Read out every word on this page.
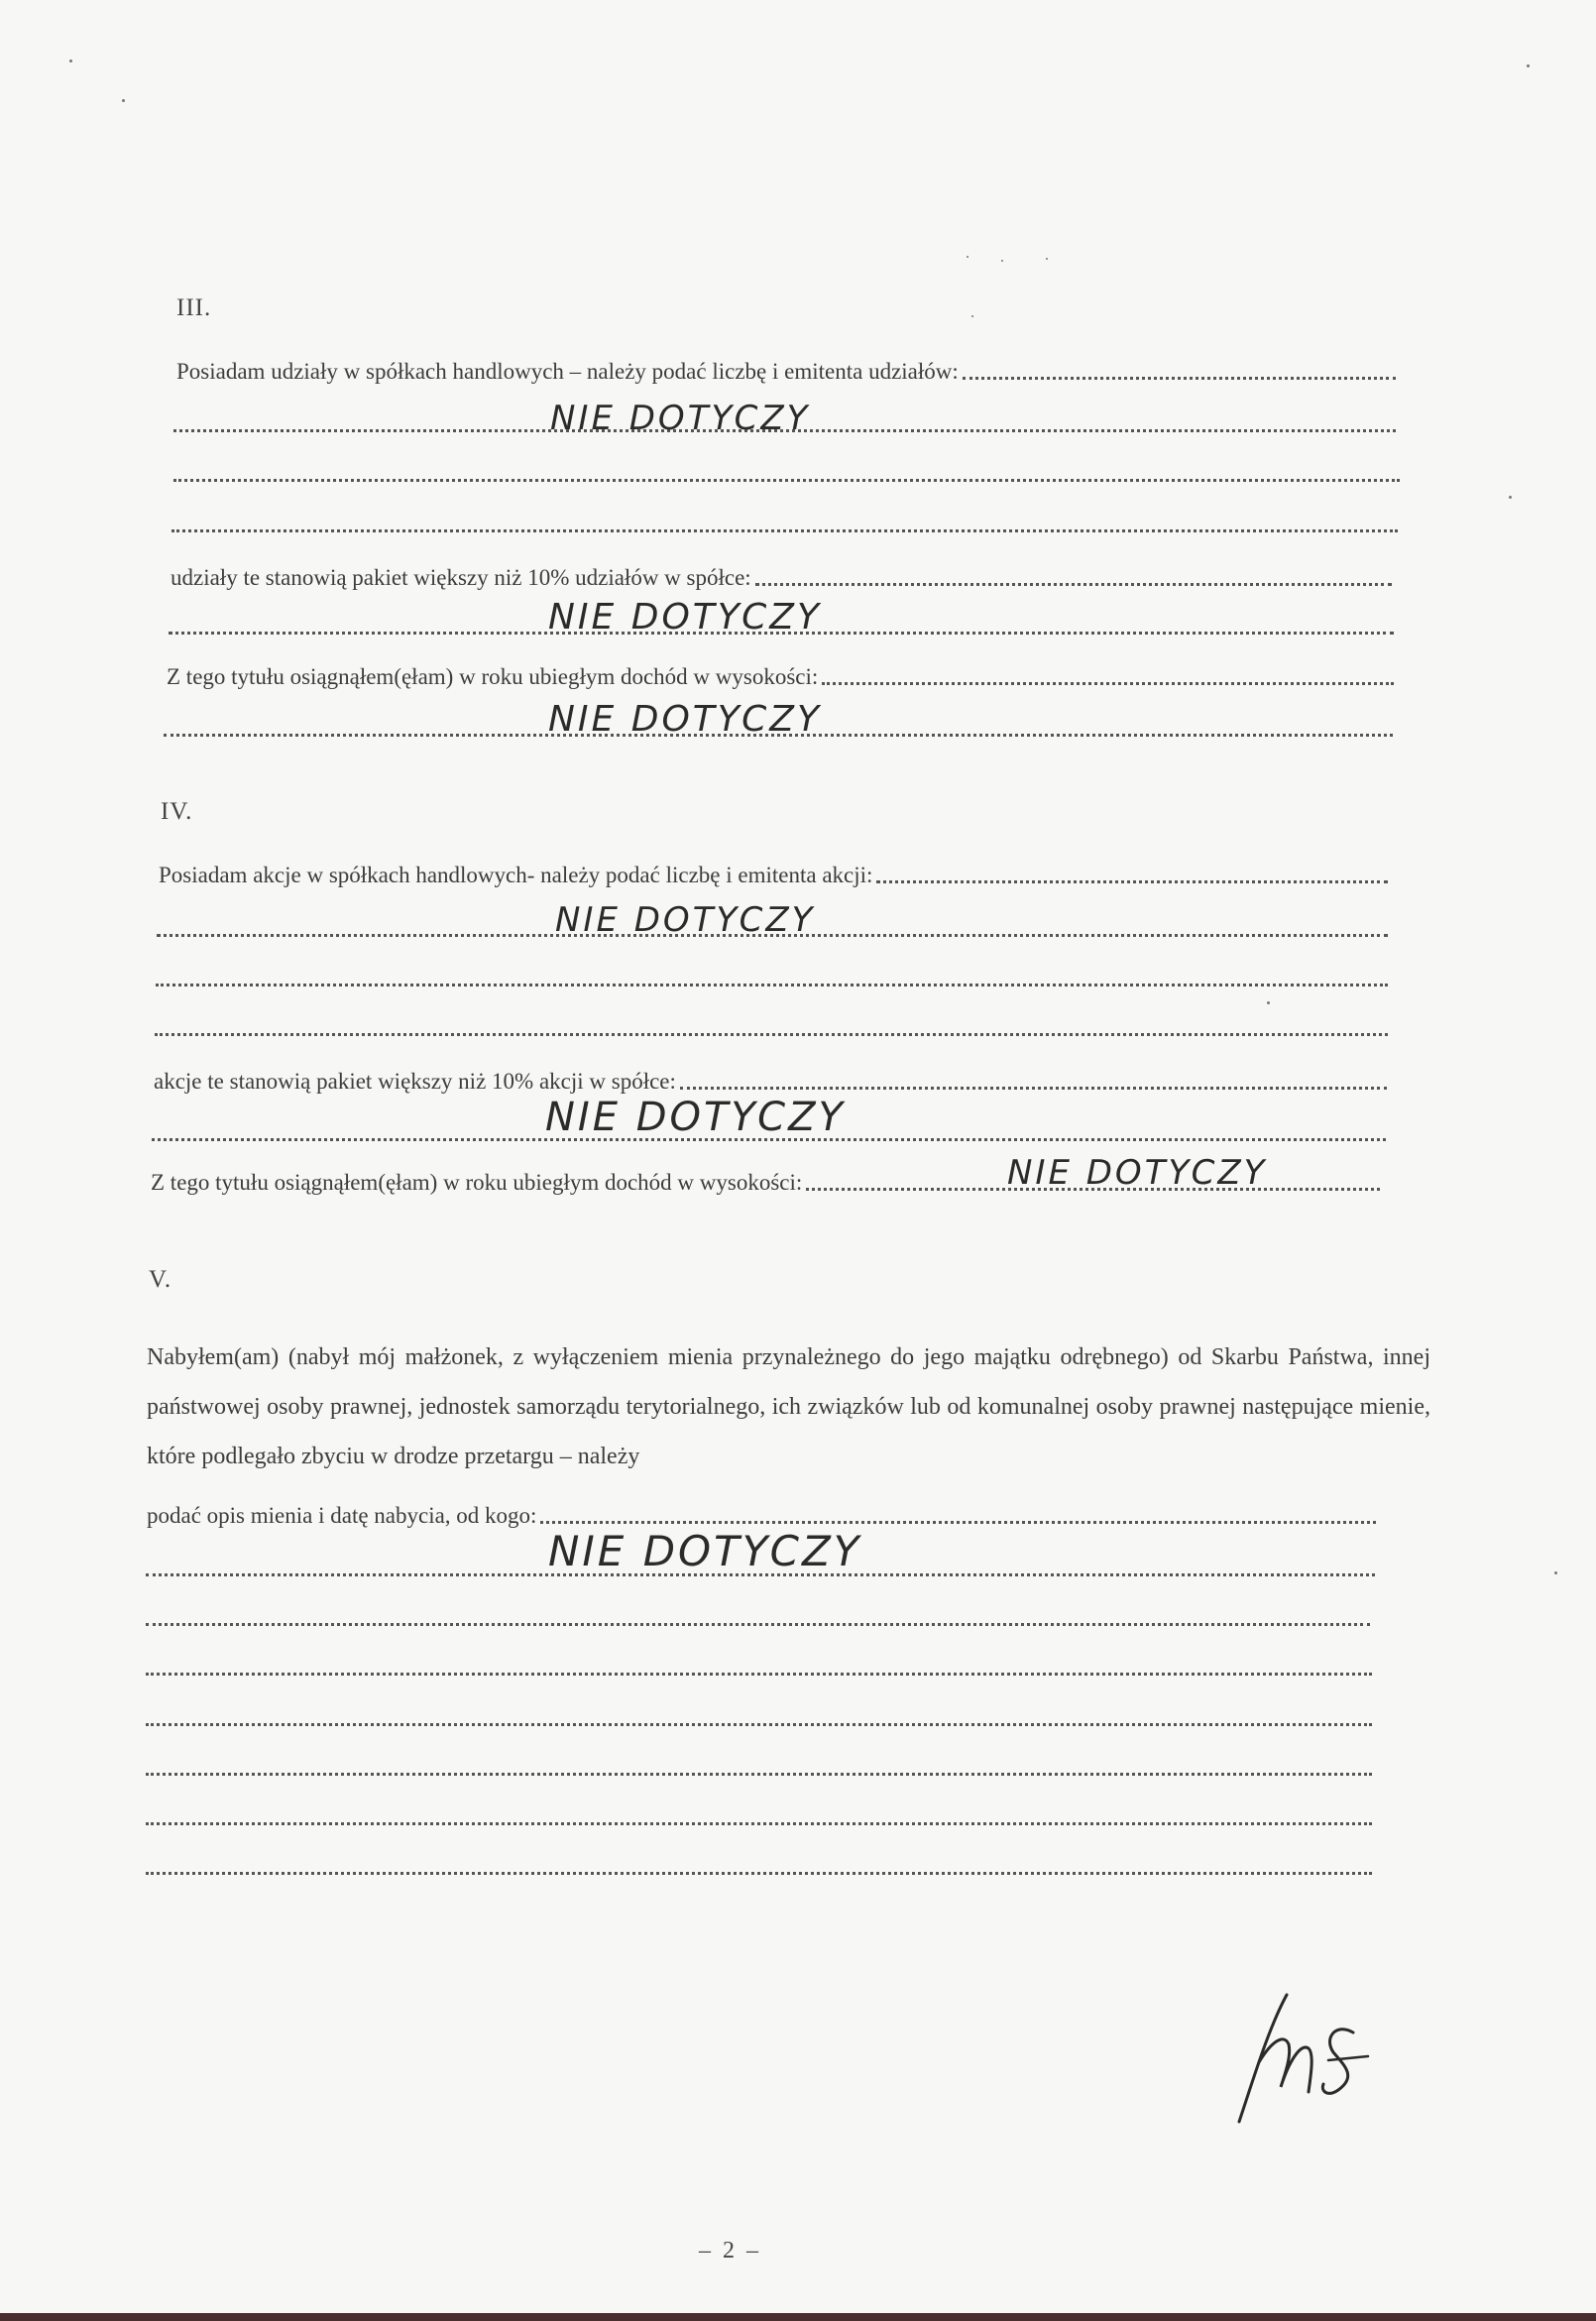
III.
Posiadam udziały w spółkach handlowych – należy podać liczbę i emitenta udziałów:
NIE DOTYCZY
udziały te stanowią pakiet większy niż 10% udziałów w spółce:
NIE DOTYCZY
Z tego tytułu osiągnąłem(ęłam) w roku ubiegłym dochód w wysokości:
NIE DOTYCZY
IV.
Posiadam akcje w spółkach handlowych- należy podać liczbę i emitenta akcji:
NIE DOTYCZY
akcje te stanowią pakiet większy niż 10% akcji w spółce:
NIE DOTYCZY
Z tego tytułu osiągnąłem(ęłam) w roku ubiegłym dochód w wysokości:	NIE DOTYCZY
V.
Nabyłem(am) (nabył mój małżonek, z wyłączeniem mienia przynależnego do jego majątku odrębnego) od Skarbu Państwa, innej państwowej osoby prawnej, jednostek samorządu terytorialnego, ich związków lub od komunalnej osoby prawnej następujące mienie, które podlegało zbyciu w drodze przetargu – należy
podać opis mienia i datę nabycia, od kogo:
NIE DOTYCZY
– 2 –
